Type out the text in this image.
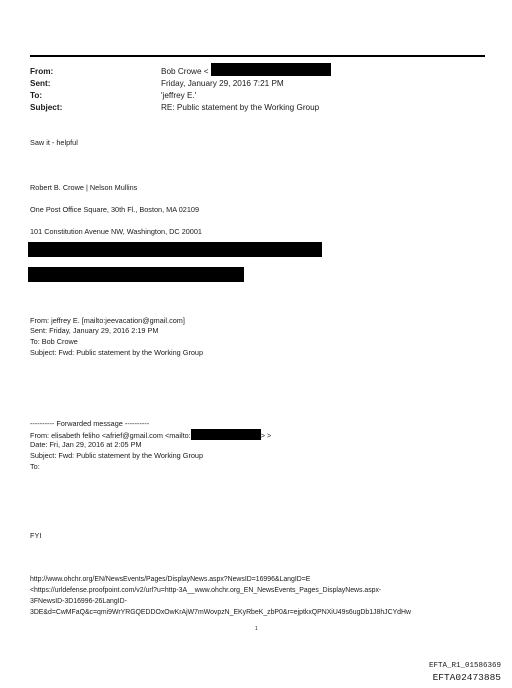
From:	Bob Crowe <
Sent:	Friday, January 29, 2016 7:21 PM
To:	'jeffrey E.'
Subject:	RE: Public statement by the Working Group
Saw it - helpful
Robert B. Crowe | Nelson Mullins
One Post Office Square, 30th Fl., Boston, MA 02109
101 Constitution Avenue NW, Washington, DC 20001
From: jeffrey E. [mailto:jeevacation@gmail.com]
Sent: Friday, January 29, 2016 2:19 PM
To: Bob Crowe
Subject: Fwd: Public statement by the Working Group
---------- Forwarded message ----------
From: elisabeth feliho <afrief@gmail.com <mailto:	> >
Date: Fri, Jan 29, 2016 at 2:05 PM
Subject: Fwd: Public statement by the Working Group
To:
FYI
http://www.ohchr.org/EN/NewsEvents/Pages/DisplayNews.aspx?NewsID=16996&LangID=E
<https://urldefense.proofpoint.com/v2/url?u=http-3A__www.ohchr.org_EN_NewsEvents_Pages_DisplayNews.aspx-
3FNewsID-3D16996-26LangID-
3DE&d=CwMFaQ&c=qmi9WrYRGQEDDOxOwKrAjW7mWovpzN_EKyRbeK_zbP0&r=ejptkxQPNXiU49s6ugDb1J8hJCYdHw
1
EFTA_R1_01586369
EFTA02473885
